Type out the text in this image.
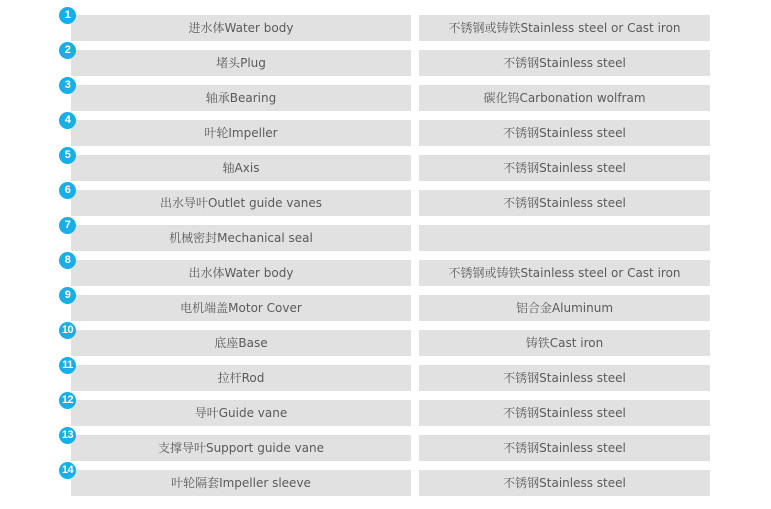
1
进水体Water body	不锈钢或铸铁Stainless steel or Cast iron
2
堵头Plug	不锈钢Stainless steel
3
轴承Bearing	碳化钨Carbonation wolfram
4
叶轮Impeller	不锈钢Stainless steel
5
轴Axis	不锈钢Stainless steel
6
出水导叶Outlet guide vanes	不锈钢Stainless steel
7
机械密封Mechanical seal
8
出水体Water body	不锈钢或铸铁Stainless steel or Cast iron
9
电机端盖Motor Cover	铝合金Aluminum
10
底座Base	铸铁Cast iron
11
拉杆Rod	不锈钢Stainless steel
12
导叶Guide vane	不锈钢Stainless steel
13
支撑导叶Support guide vane	不锈钢Stainless steel
14
叶轮隔套Impeller sleeve	不锈钢Stainless steel
